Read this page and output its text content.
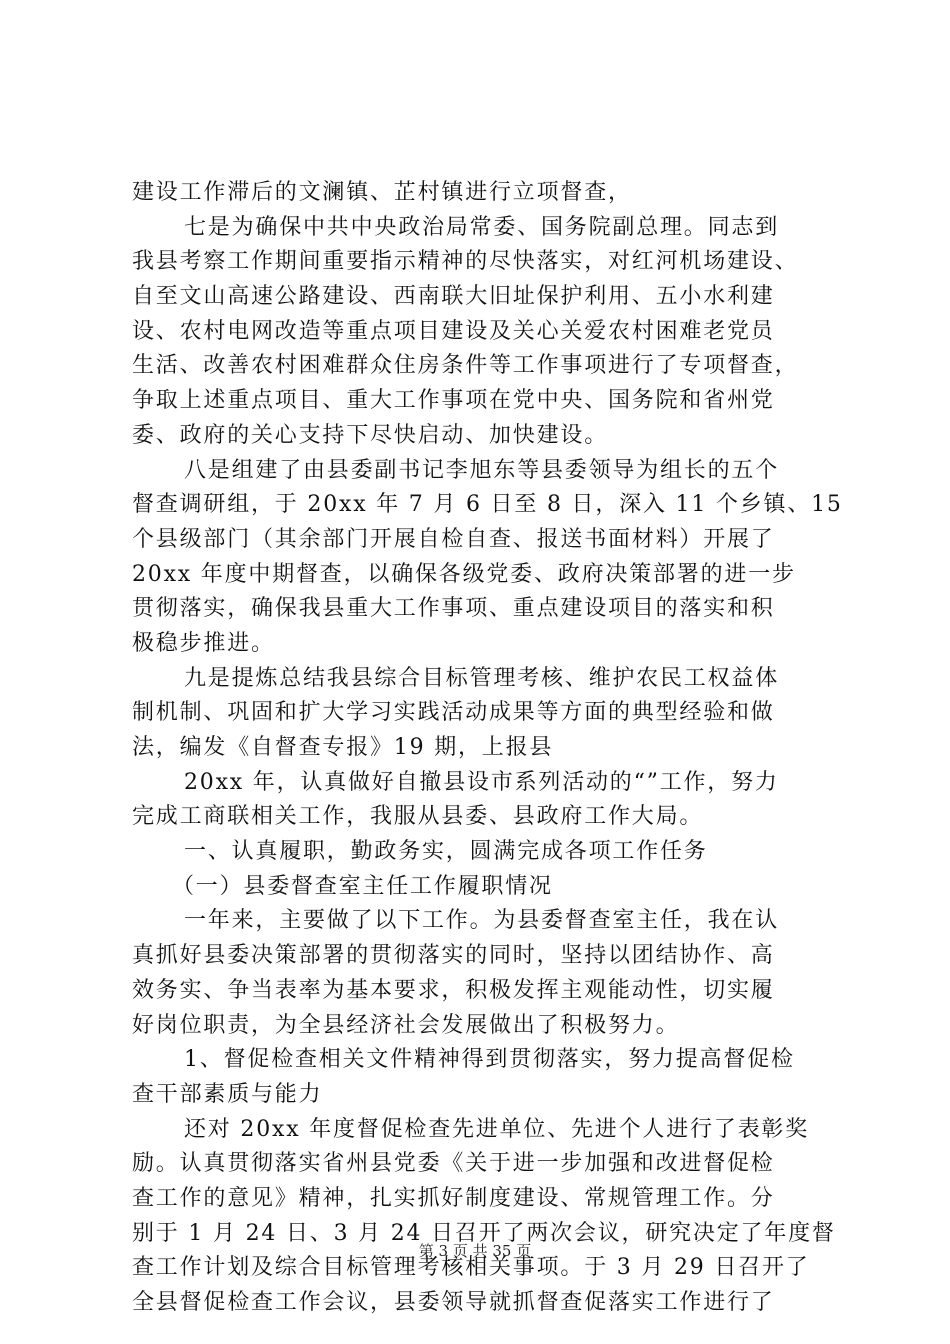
建设工作滞后的文澜镇、芷村镇进行立项督查，
七是为确保中共中央政治局常委、国务院副总理。同志到
我县考察工作期间重要指示精神的尽快落实，对红河机场建设、
自至文山高速公路建设、西南联大旧址保护利用、五小水利建
设、农村电网改造等重点项目建设及关心关爱农村困难老党员
生活、改善农村困难群众住房条件等工作事项进行了专项督查，
争取上述重点项目、重大工作事项在党中央、国务院和省州党
委、政府的关心支持下尽快启动、加快建设。
八是组建了由县委副书记李旭东等县委领导为组长的五个
督查调研组，于 20xx 年 7 月 6 日至 8 日，深入 11 个乡镇、15
个县级部门（其余部门开展自检自查、报送书面材料）开展了
20xx 年度中期督查，以确保各级党委、政府决策部署的进一步
贯彻落实，确保我县重大工作事项、重点建设项目的落实和积
极稳步推进。
九是提炼总结我县综合目标管理考核、维护农民工权益体
制机制、巩固和扩大学习实践活动成果等方面的典型经验和做
法，编发《自督查专报》19 期，上报县
20xx 年，认真做好自撤县设市系列活动的“”工作，努力
完成工商联相关工作，我服从县委、县政府工作大局。
一、认真履职，勤政务实，圆满完成各项工作任务
（一）县委督查室主任工作履职情况
一年来，主要做了以下工作。为县委督查室主任，我在认
真抓好县委决策部署的贯彻落实的同时，坚持以团结协作、高
效务实、争当表率为基本要求，积极发挥主观能动性，切实履
好岗位职责，为全县经济社会发展做出了积极努力。
1、督促检查相关文件精神得到贯彻落实，努力提高督促检
查干部素质与能力
还对 20xx 年度督促检查先进单位、先进个人进行了表彰奖
励。认真贯彻落实省州县党委《关于进一步加强和改进督促检
查工作的意见》精神，扎实抓好制度建设、常规管理工作。分
别于 1 月 24 日、3 月 24 日召开了两次会议，研究决定了年度督
查工作计划及综合目标管理考核相关事项。于 3 月 29 日召开了
全县督促检查工作会议，县委领导就抓督查促落实工作进行了
第 3 页 共 35 页
